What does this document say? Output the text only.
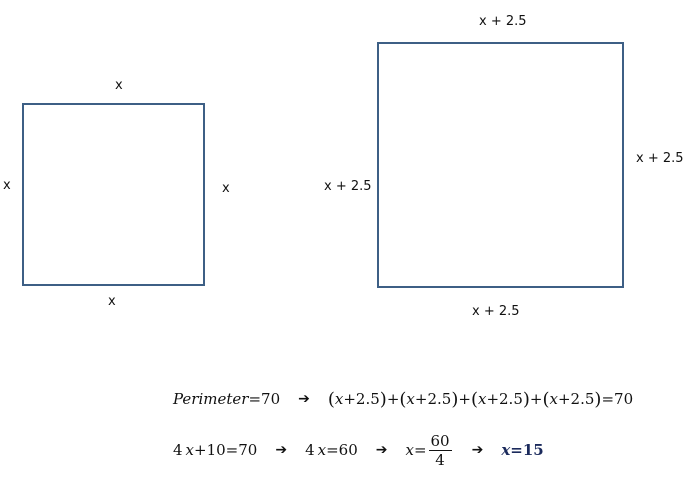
x
x	x
x
x + 2.5
x + 2.5
x + 2.5
x + 2.5
Perimeter =70 ➔ ( x +2.5 ) + ( x +2.5 ) + ( x +2.5 ) + ( x +2.5 ) =70
4 x +10=70 ➔ 4 x =60 ➔ $x = \frac{60}{4}$ ➔ x=15
